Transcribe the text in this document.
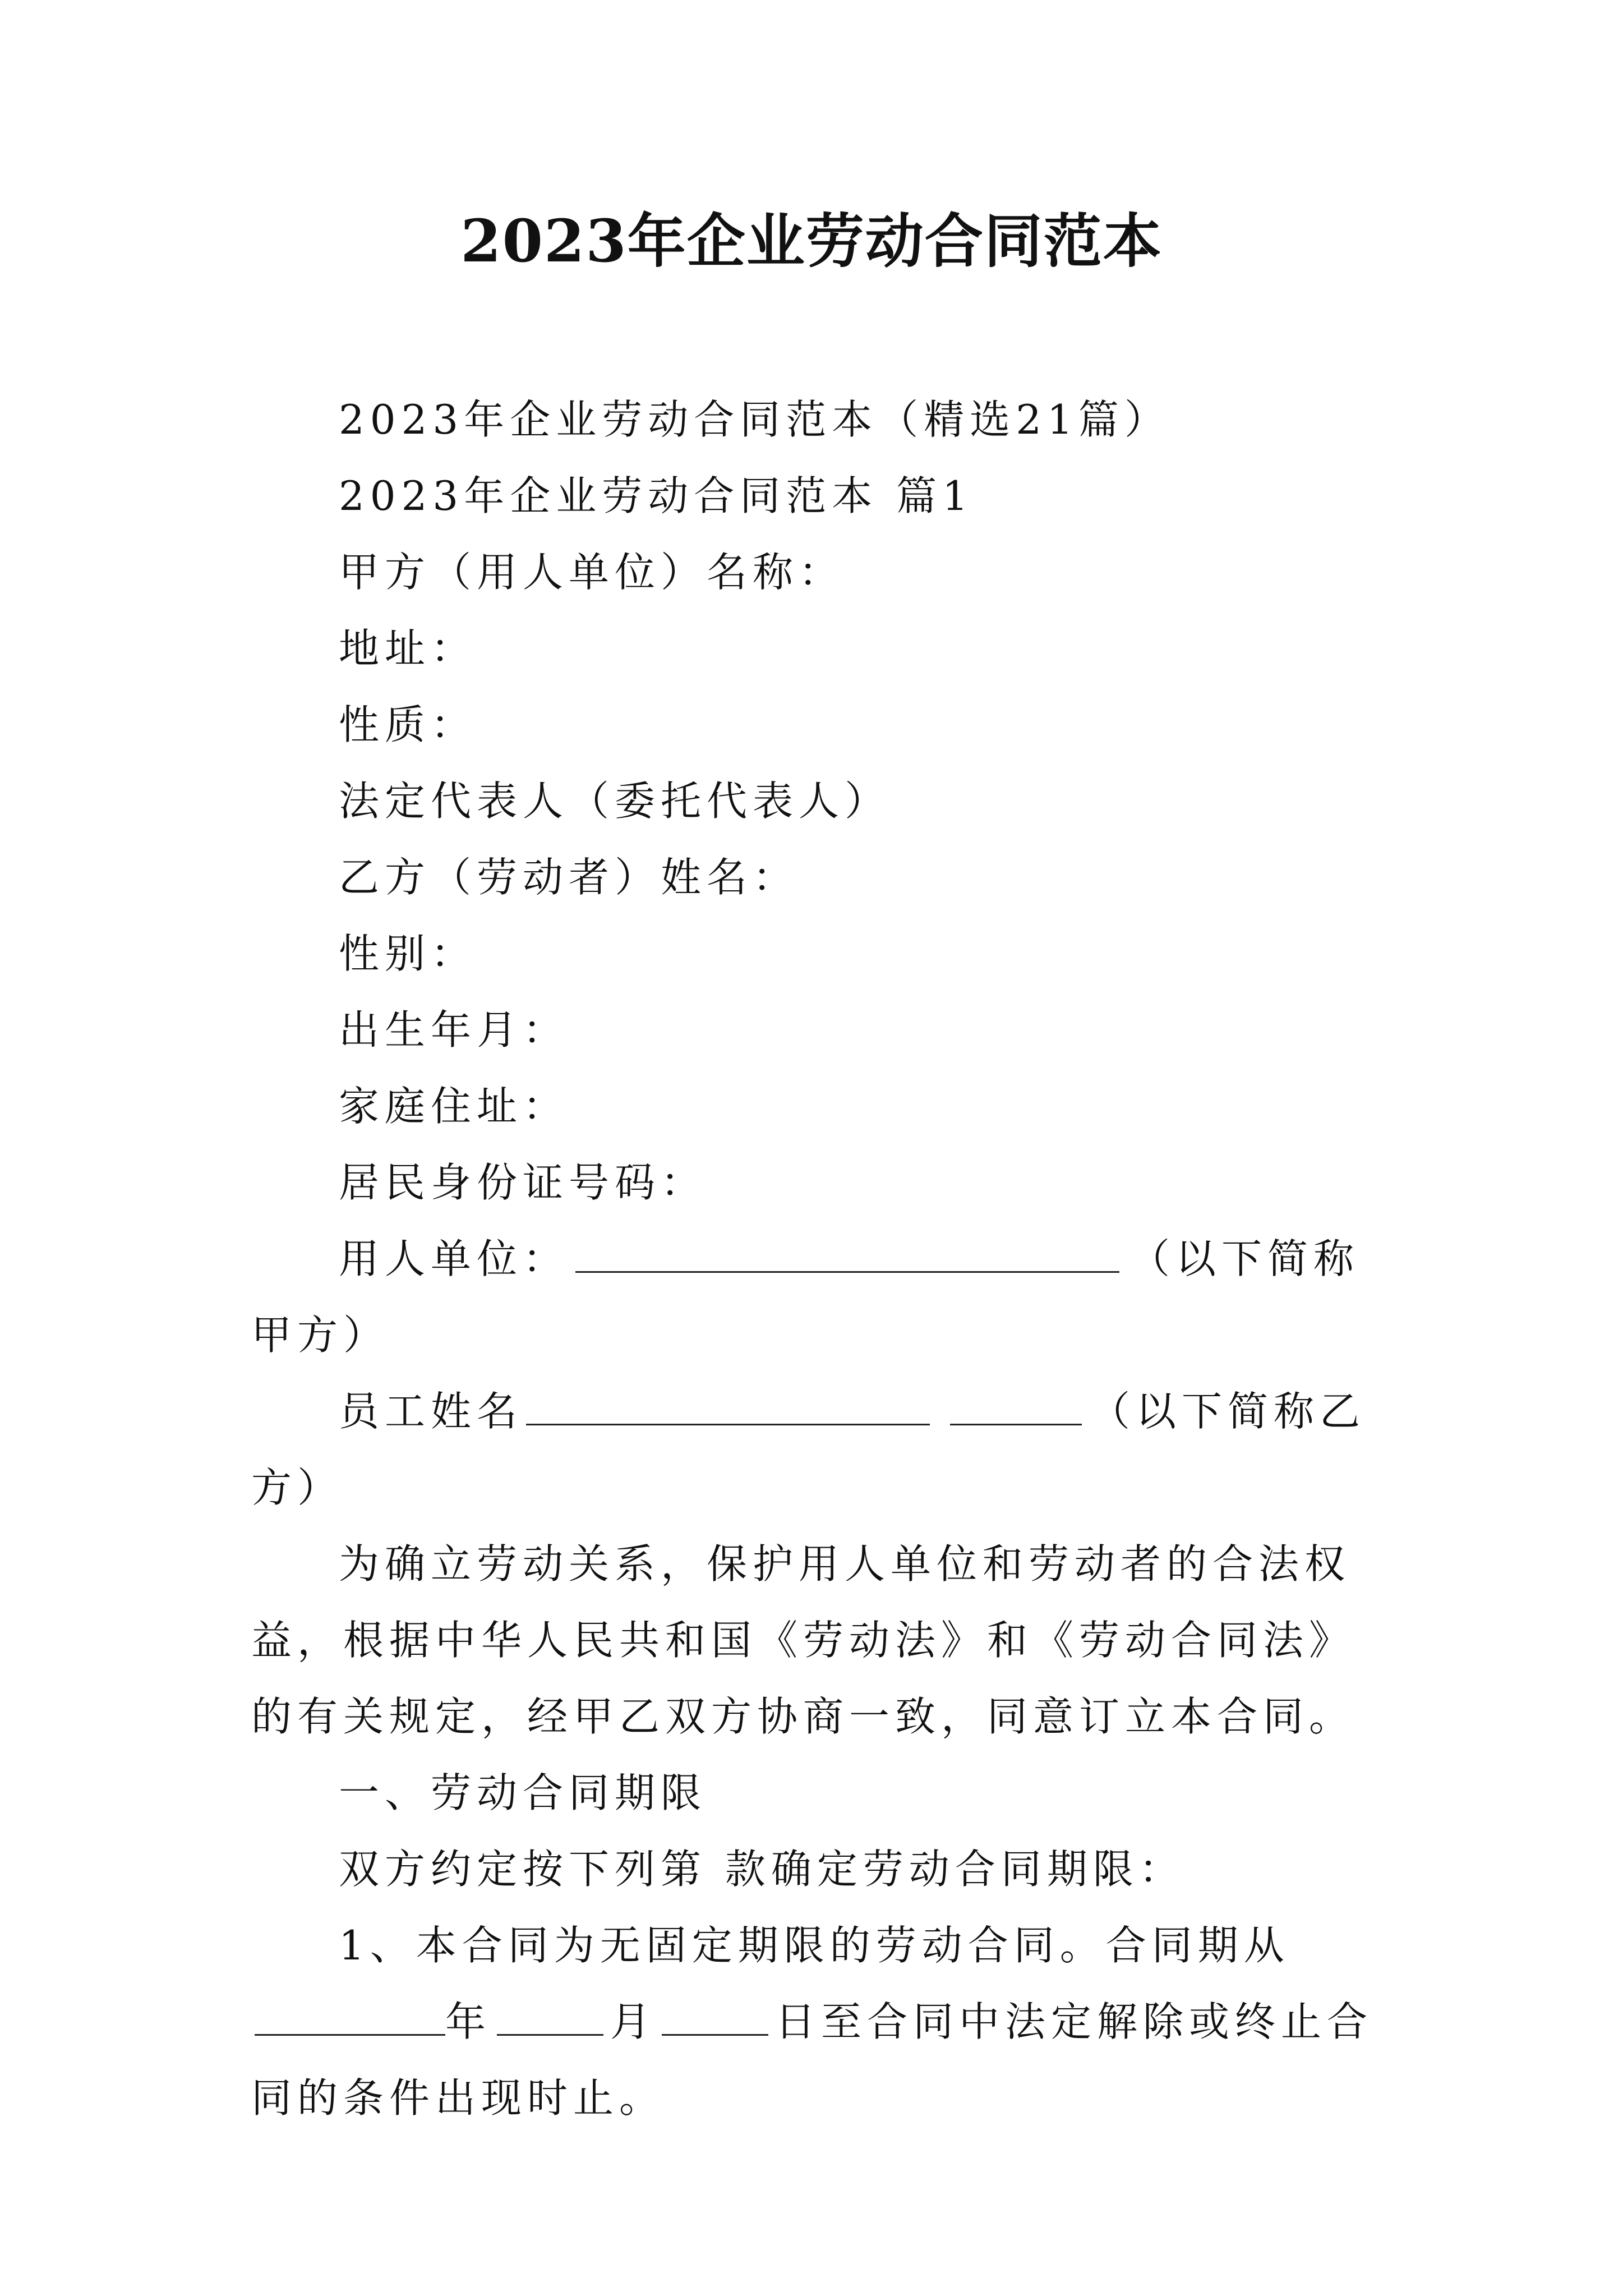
2023年企业劳动合同范本

2023年企业劳动合同范本（精选21篇）

2023年企业劳动合同范本 篇1

甲方（用人单位）名称：

地址：

性质：

法定代表人（委托代表人）

乙方（劳动者）姓名：

性别：

出生年月：

家庭住址：

居民身份证号码：

用人单位：	（以下简称甲方）

员工姓名	（以下简称乙方）

为确立劳动关系，保护用人单位和劳动者的合法权益，根据中华人民共和国《劳动法》和《劳动合同法》的有关规定，经甲乙双方协商一致，同意订立本合同。

一、劳动合同期限

双方约定按下列第 款确定劳动合同期限：

1、本合同为无固定期限的劳动合同。合同期从年	月	日至合同中法定解除或终止合同的条件出现时止。
